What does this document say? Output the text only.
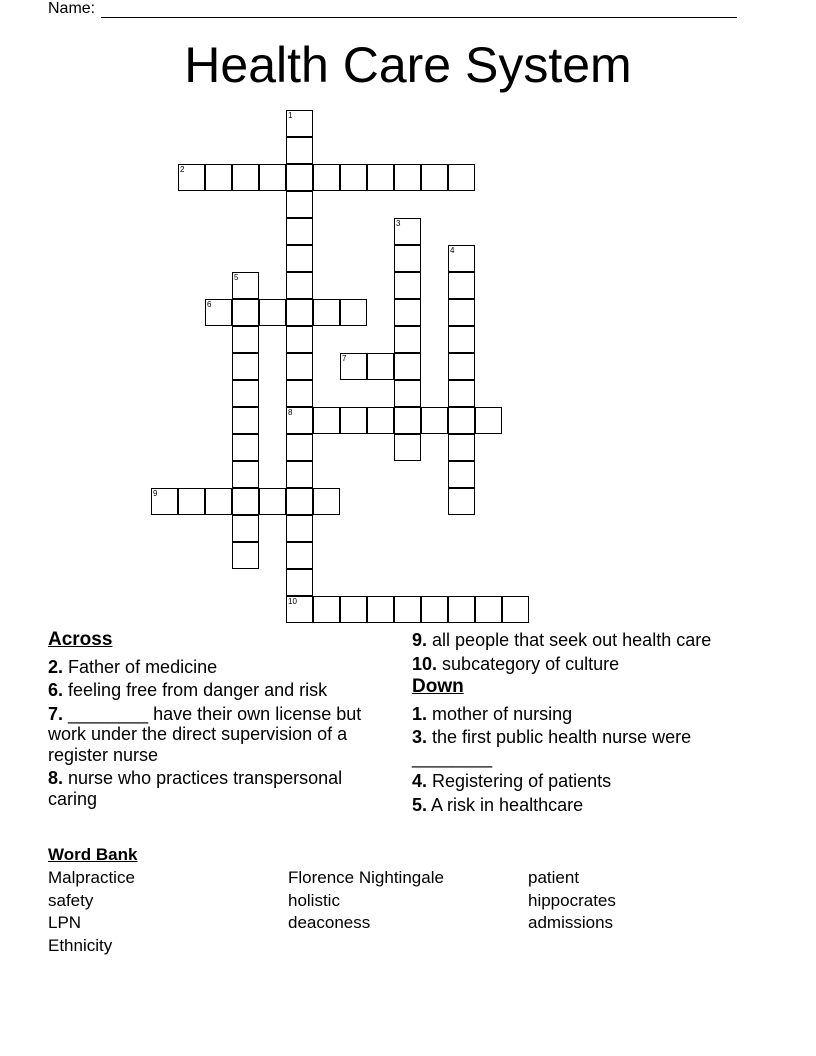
Name:
Health Care System
1
8
10
2
3
4
5
6
7
9
Across
2. Father of medicine
6. feeling free from danger and risk
7. ________ have their own license but work under the direct supervision of a register nurse
8. nurse who practices transpersonal caring
9. all people that seek out health care
10. subcategory of culture
Down
1. mother of nursing
3. the first public health nurse were ________
4. Registering of patients
5. A risk in healthcare
Word Bank
Malpractice
safety
LPN
Ethnicity
Florence Nightingale
holistic
deaconess
patient
hippocrates
admissions
